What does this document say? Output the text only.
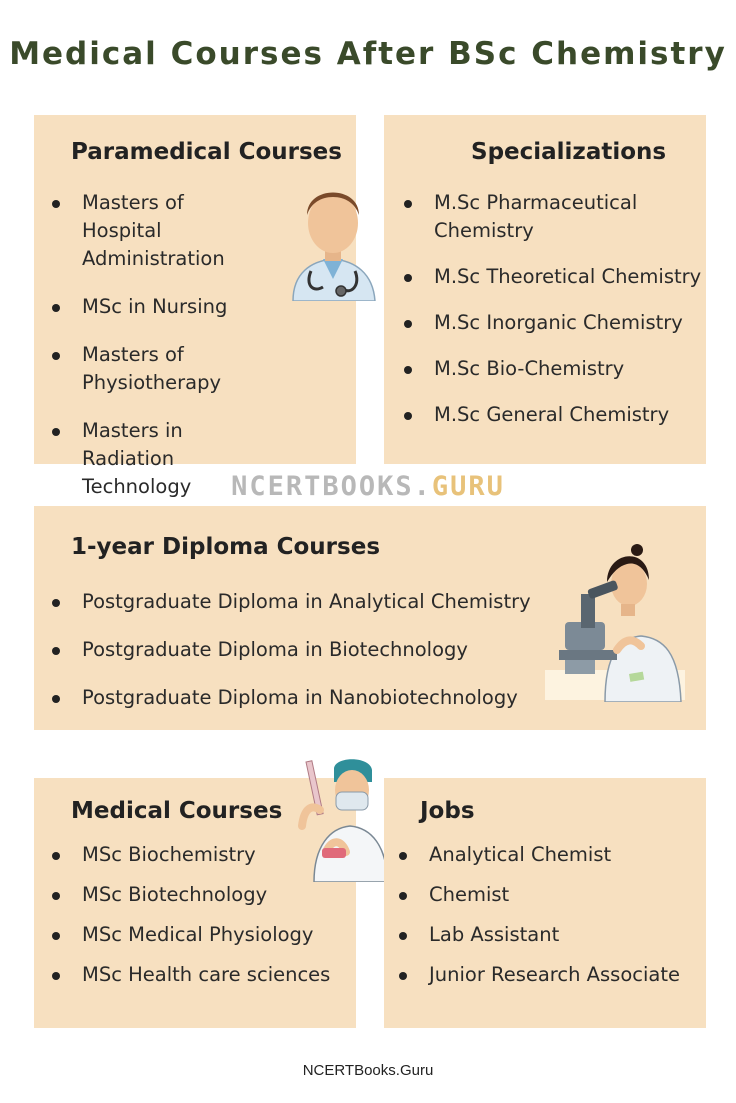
Medical Courses After BSc Chemistry
Paramedical Courses
Masters of Hospital Administration
MSc in Nursing
Masters of Physiotherapy
Masters in Radiation Technology
Specializations
M.Sc Pharmaceutical Chemistry
M.Sc Theoretical Chemistry
M.Sc Inorganic Chemistry
M.Sc Bio-Chemistry
M.Sc General Chemistry
NCERTBOOKS.GURU
1-year Diploma Courses
Postgraduate Diploma in Analytical Chemistry
Postgraduate Diploma in Biotechnology
Postgraduate Diploma in Nanobiotechnology
Medical Courses
MSc Biochemistry
MSc Biotechnology
MSc Medical Physiology
MSc Health care sciences
Jobs
Analytical Chemist
Chemist
Lab Assistant
Junior Research Associate
NCERTBooks.Guru
